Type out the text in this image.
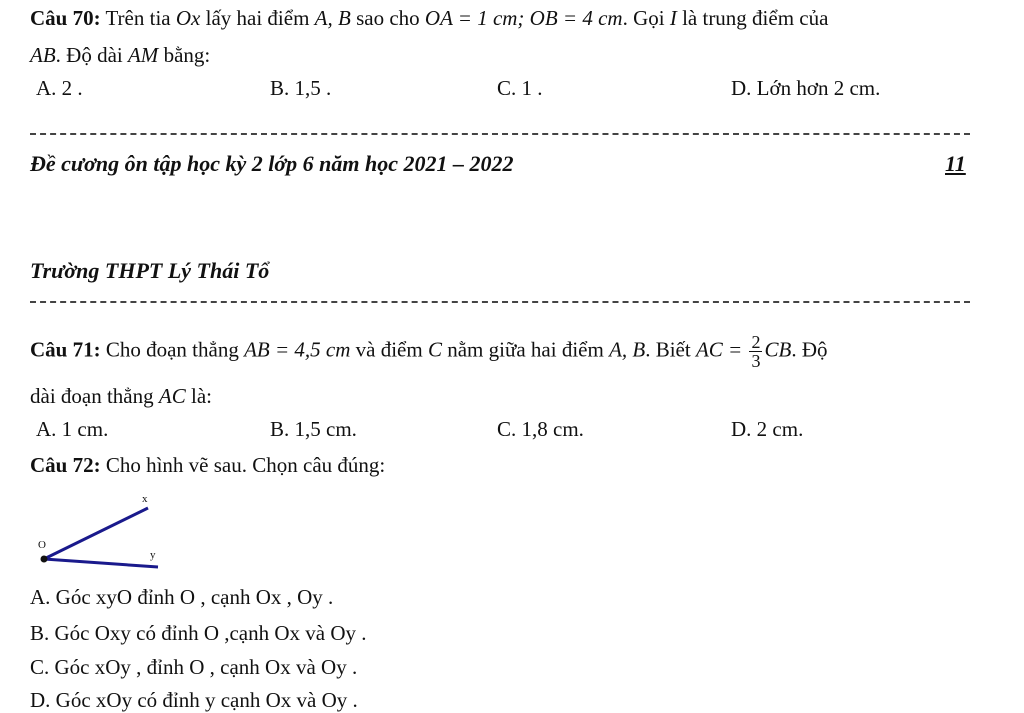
Câu 70: Trên tia Ox lấy hai điểm A, B sao cho OA = 1 cm; OB = 4 cm. Gọi I là trung điểm của
AB. Độ dài AM bằng:
A. 2 .	B. 1,5 .	C. 1 .	D. Lớn hơn 2 cm.
Đề cương ôn tập học kỳ 2 lớp 6 năm học 2021 – 2022	11
Trường THPT Lý Thái Tổ
Câu 71: Cho đoạn thẳng AB = 4,5 cm và điểm C nằm giữa hai điểm A, B. Biết AC = $\frac{2}{3}$ CB. Độ
dài đoạn thẳng AC là:
A. 1 cm.	B. 1,5 cm.	C. 1,8 cm.	D. 2 cm.
Câu 72: Cho hình vẽ sau. Chọn câu đúng:
x
O
y
A. Góc xyO đỉnh O , cạnh Ox , Oy .
B. Góc Oxy có đỉnh O ,cạnh Ox và Oy .
C. Góc xOy , đỉnh O , cạnh Ox và Oy .
D. Góc xOy có đỉnh y cạnh Ox và Oy .
